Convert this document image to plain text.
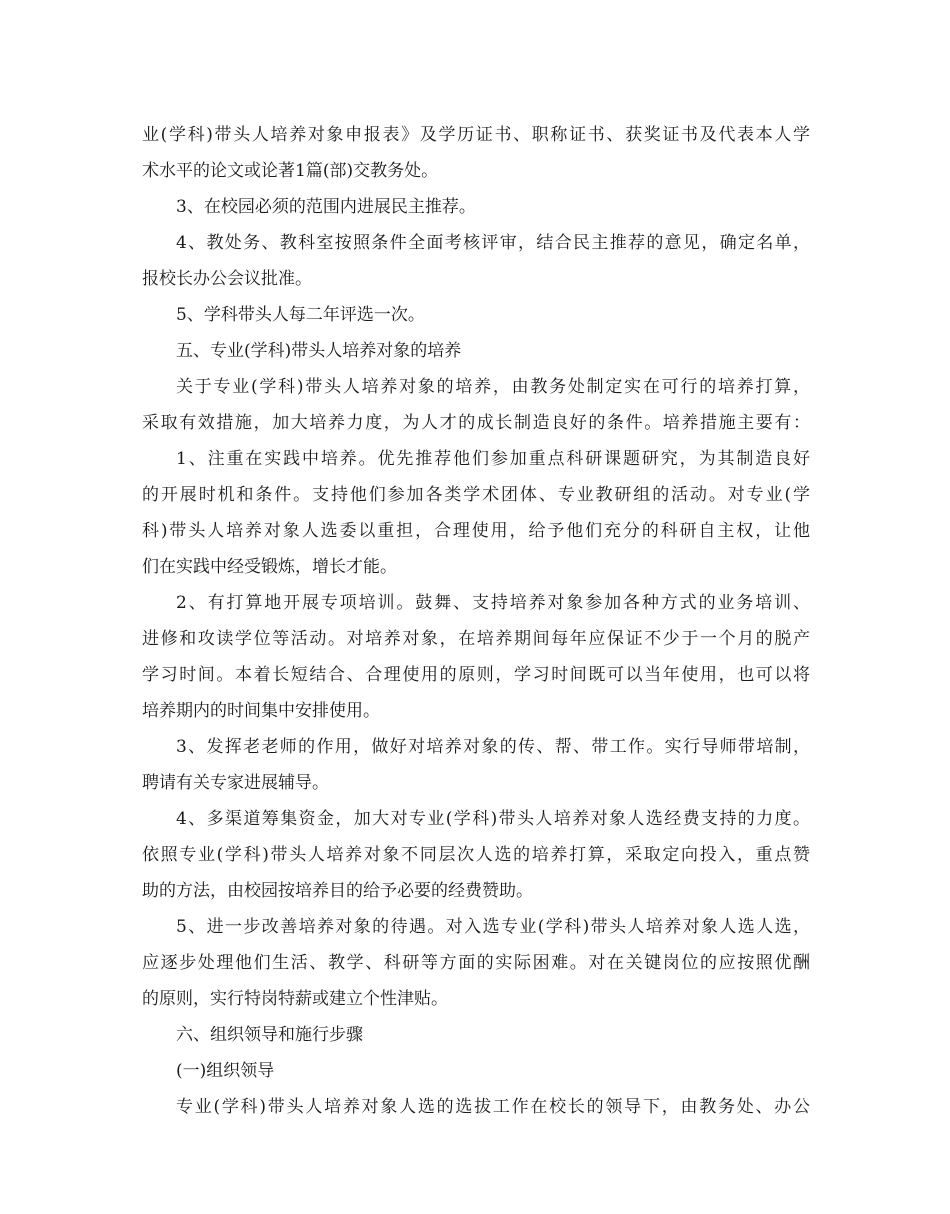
业(学科)带头人培养对象申报表》及学历证书、职称证书、获奖证书及代表本人学
术水平的论文或论著1篇(部)交教务处。
3、在校园必须的范围内进展民主推荐。
4、教处务、教科室按照条件全面考核评审，结合民主推荐的意见，确定名单，
报校长办公会议批准。
5、学科带头人每二年评选一次。
五、专业(学科)带头人培养对象的培养
关于专业(学科)带头人培养对象的培养，由教务处制定实在可行的培养打算，
采取有效措施，加大培养力度，为人才的成长制造良好的条件。培养措施主要有：
1、注重在实践中培养。优先推荐他们参加重点科研课题研究，为其制造良好
的开展时机和条件。支持他们参加各类学术团体、专业教研组的活动。对专业(学
科)带头人培养对象人选委以重担，合理使用，给予他们充分的科研自主权，让他
们在实践中经受锻炼，增长才能。
2、有打算地开展专项培训。鼓舞、支持培养对象参加各种方式的业务培训、
进修和攻读学位等活动。对培养对象，在培养期间每年应保证不少于一个月的脱产
学习时间。本着长短结合、合理使用的原则，学习时间既可以当年使用，也可以将
培养期内的时间集中安排使用。
3、发挥老老师的作用，做好对培养对象的传、帮、带工作。实行导师带培制，
聘请有关专家进展辅导。
4、多渠道筹集资金，加大对专业(学科)带头人培养对象人选经费支持的力度。
依照专业(学科)带头人培养对象不同层次人选的培养打算，采取定向投入，重点赞
助的方法，由校园按培养目的给予必要的经费赞助。
5、进一步改善培养对象的待遇。对入选专业(学科)带头人培养对象人选人选，
应逐步处理他们生活、教学、科研等方面的实际困难。对在关键岗位的应按照优酬
的原则，实行特岗特薪或建立个性津贴。
六、组织领导和施行步骤
(一)组织领导
专业(学科)带头人培养对象人选的选拔工作在校长的领导下，由教务处、办公
